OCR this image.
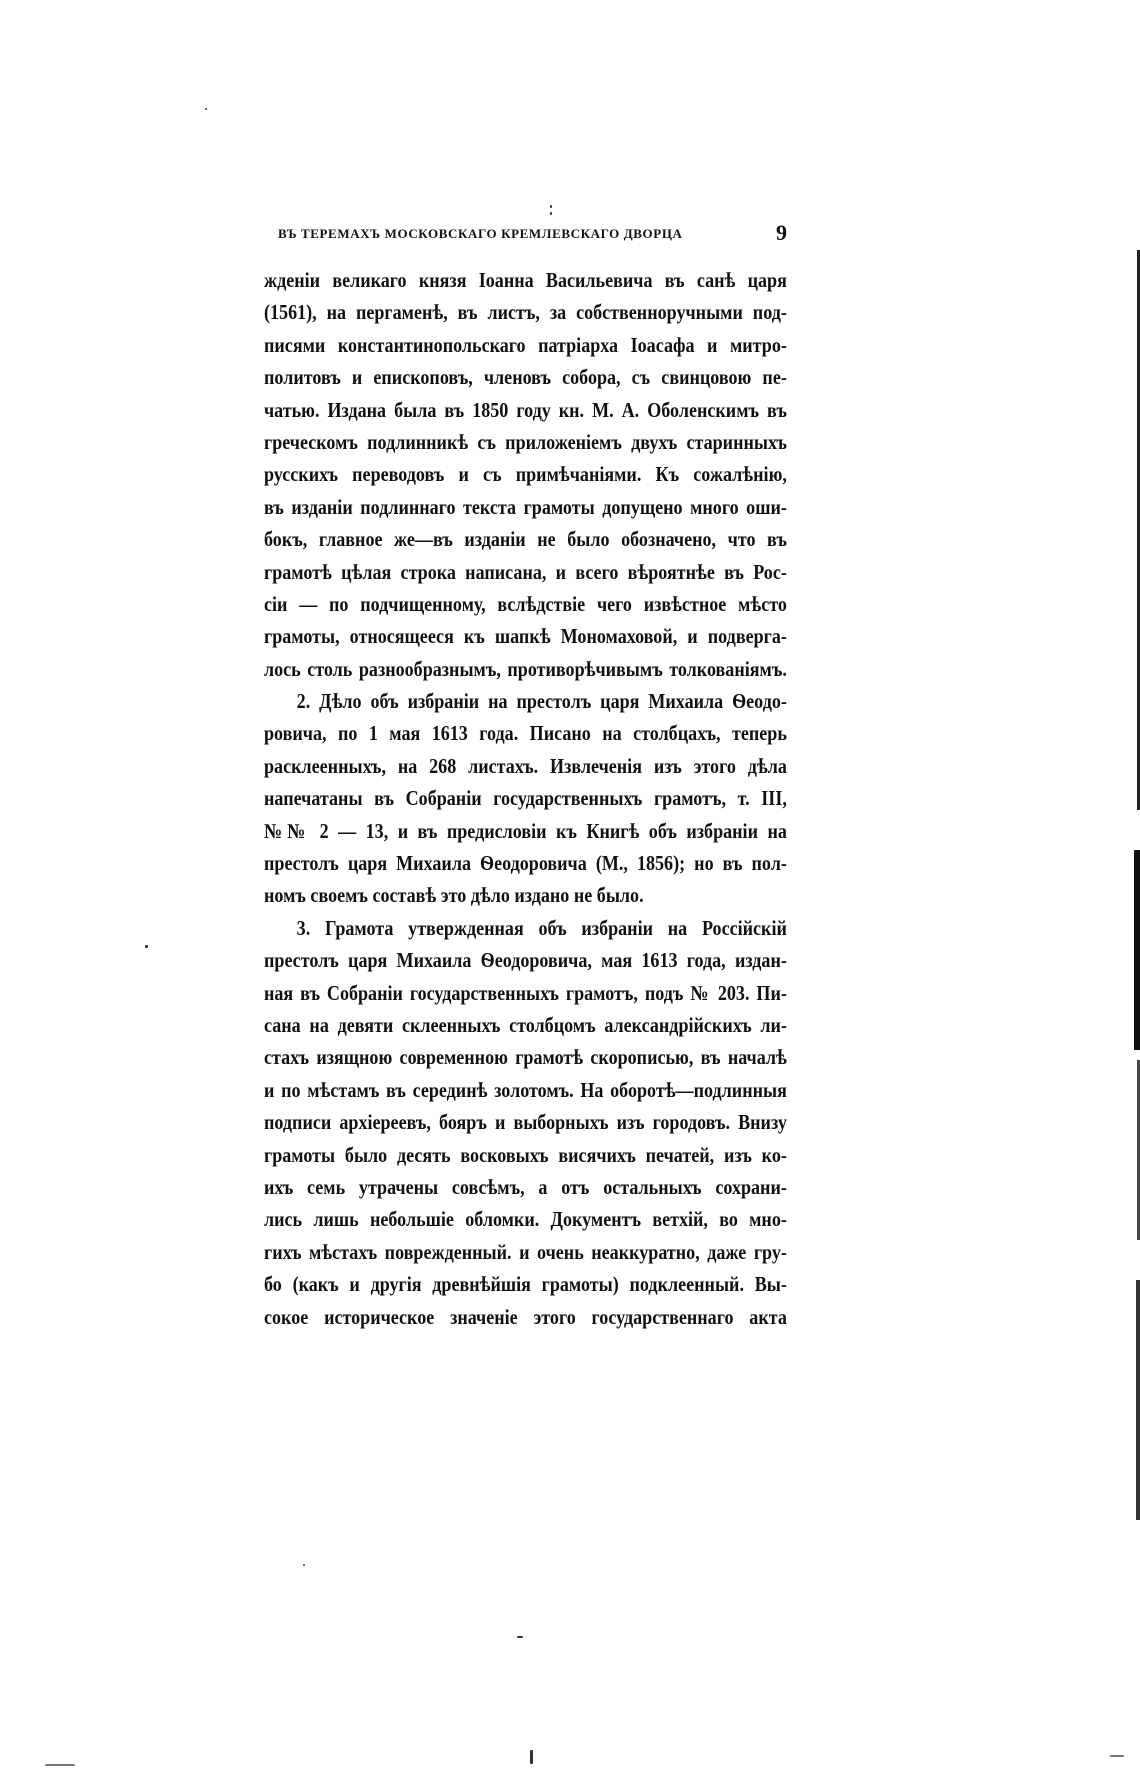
ВЪ ТЕРЕМАХЪ МОСКОВСКАГО КРЕМЛЕВСКАГО ДВОРЦА	9
жденіи великаго князя Іоанна Васильевича въ санѣ царя
(1561), на пергаменѣ, въ листъ, за собственноручными под-
писями константинопольскаго патріарха Іоасафа и митро-
политовъ и епископовъ, членовъ собора, съ свинцовою пе-
чатью. Издана была въ 1850 году кн. М. А. Оболенскимъ въ
греческомъ подлинникѣ съ приложеніемъ двухъ старинныхъ
русскихъ переводовъ и съ примѣчаніями. Къ сожалѣнію,
въ изданіи подлиннаго текста грамоты допущено много оши-
бокъ, главное же—въ изданіи не было обозначено, что въ
грамотѣ цѣлая строка написана, и всего вѣроятнѣе въ Рос-
сіи — по подчищенному, вслѣдствіе чего извѣстное мѣсто
грамоты, относящееся къ шапкѣ Мономаховой, и подверга-
лось столь разнообразнымъ, противорѣчивымъ толкованіямъ.
2. Дѣло объ избраніи на престолъ царя Михаила Ѳеодо-
ровича, по 1 мая 1613 года. Писано на столбцахъ, теперь
расклеенныхъ, на 268 листахъ. Извлеченія изъ этого дѣла
напечатаны въ Собраніи государственныхъ грамотъ, т. III,
№№ 2 — 13, и въ предисловіи къ Книгѣ объ избраніи на
престолъ царя Михаила Ѳеодоровича (М., 1856); но въ пол-
номъ своемъ составѣ это дѣло издано не было.
3. Грамота утвержденная объ избраніи на Россійскій
престолъ царя Михаила Ѳеодоровича, мая 1613 года, издан-
ная въ Собраніи государственныхъ грамотъ, подъ № 203. Пи-
сана на девяти склеенныхъ столбцомъ александрійскихъ ли-
стахъ изящною современною грамотѣ скорописью, въ началѣ
и по мѣстамъ въ серединѣ золотомъ. На оборотѣ—подлинныя
подписи архіереевъ, бояръ и выборныхъ изъ городовъ. Внизу
грамоты было десять восковыхъ висячихъ печатей, изъ ко-
ихъ семь утрачены совсѣмъ, а отъ остальныхъ сохрани-
лись лишь небольшіе обломки. Документъ ветхій, во мно-
гихъ мѣстахъ поврежденный. и очень неаккуратно, даже гру-
бо (какъ и другія древнѣйшія грамоты) подклеенный. Вы-
сокое историческое значеніе этого государственнаго акта
